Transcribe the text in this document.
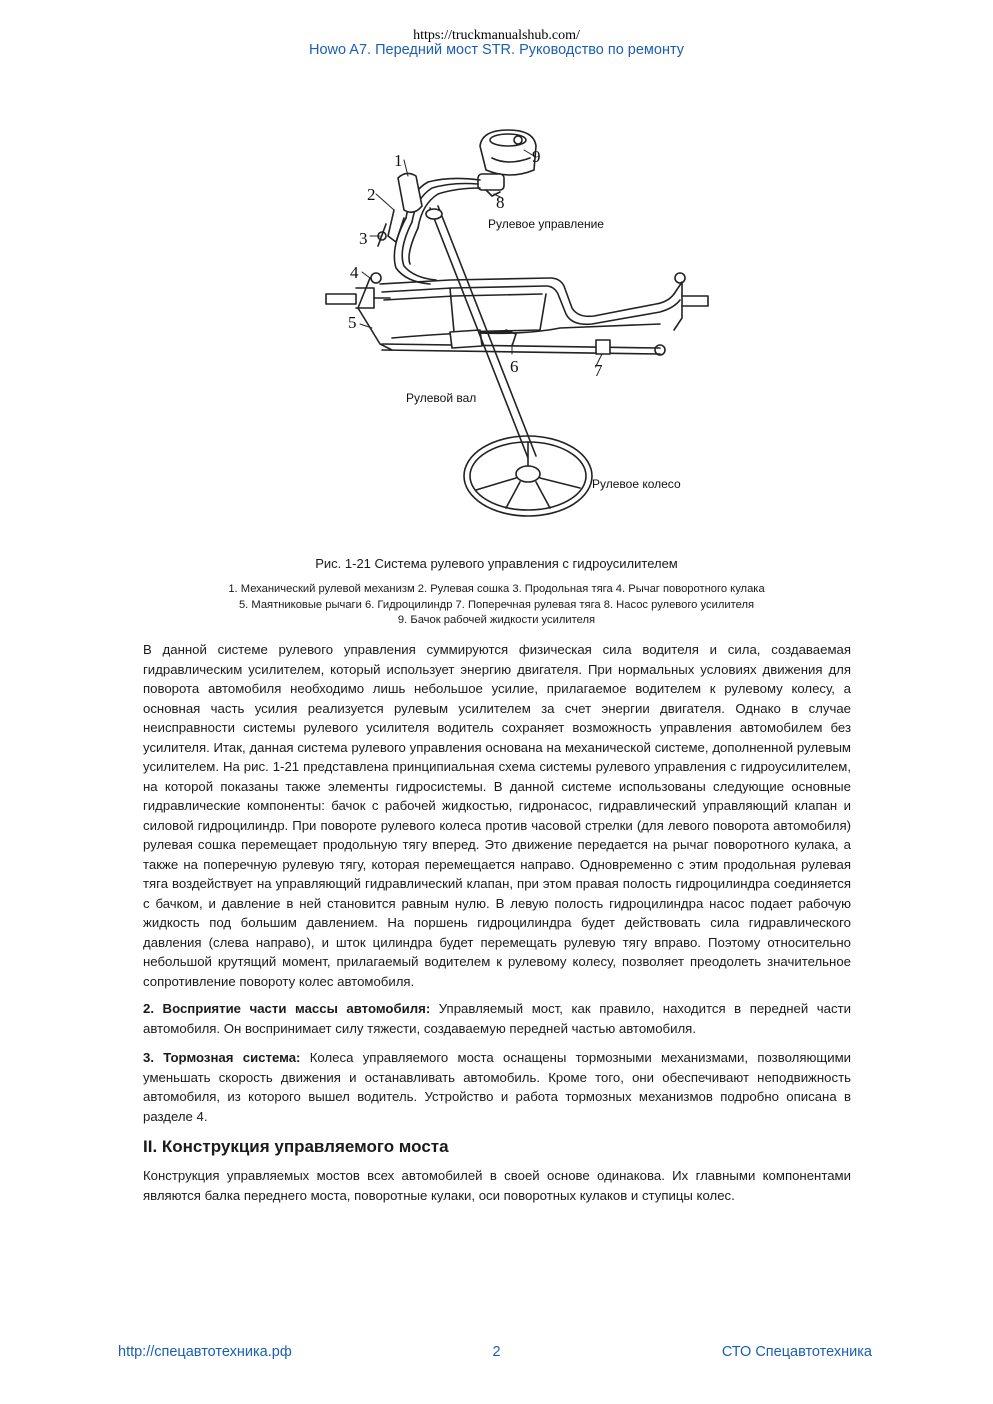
https://truckmanualshub.com/
Howo A7. Передний мост STR. Руководство по ремонту
1
2
3
4
5
6	7
8
9
Рулевое управление
Рулевой вал
Рулевое колесо
Рис. 1-21 Система рулевого управления с гидроусилителем
1. Механический рулевой механизм 2. Рулевая сошка 3. Продольная тяга 4. Рычаг поворотного кулака
5. Маятниковые рычаги 6. Гидроцилиндр 7. Поперечная рулевая тяга 8. Насос рулевого усилителя
9. Бачок рабочей жидкости усилителя

В данной системе рулевого управления суммируются физическая сила водителя и сила, создаваемая гидравлическим усилителем, который использует энергию двигателя. При нормальных условиях движения для поворота автомобиля необходимо лишь небольшое усилие, прилагаемое водителем к рулевому колесу, а основная часть усилия реализуется рулевым усилителем за счет энергии двигателя. Однако в случае неисправности системы рулевого усилителя водитель сохраняет возможность управления автомобилем без усилителя. Итак, данная система рулевого управления основана на механической системе, дополненной рулевым усилителем. На рис. 1-21 представлена принципиальная схема системы рулевого управления с гидроусилителем, на которой показаны также элементы гидросистемы. В данной системе использованы следующие основные гидравлические компоненты: бачок с рабочей жидкостью, гидронасос, гидравлический управляющий клапан и силовой гидроцилиндр. При повороте рулевого колеса против часовой стрелки (для левого поворота автомобиля) рулевая сошка перемещает продольную тягу вперед. Это движение передается на рычаг поворотного кулака, а также на поперечную рулевую тягу, которая перемещается направо. Одновременно с этим продольная рулевая тяга воздействует на управляющий гидравлический клапан, при этом правая полость гидроцилиндра соединяется с бачком, и давление в ней становится равным нулю. В левую полость гидроцилиндра насос подает рабочую жидкость под большим давлением. На поршень гидроцилиндра будет действовать сила гидравлического давления (слева направо), и шток цилиндра будет перемещать рулевую тягу вправо. Поэтому относительно небольшой крутящий момент, прилагаемый водителем к рулевому колесу, позволяет преодолеть значительное сопротивление повороту колес автомобиля.

2. Восприятие части массы автомобиля: Управляемый мост, как правило, находится в передней части автомобиля. Он воспринимает силу тяжести, создаваемую передней частью автомобиля.

3. Тормозная система: Колеса управляемого моста оснащены тормозными механизмами, позволяющими уменьшать скорость движения и останавливать автомобиль. Кроме того, они обеспечивают неподвижность автомобиля, из которого вышел водитель. Устройство и работа тормозных механизмов подробно описана в разделе 4.

II. Конструкция управляемого моста

Конструкция управляемых мостов всех автомобилей в своей основе одинакова. Их главными компонентами являются балка переднего моста, поворотные кулаки, оси поворотных кулаков и ступицы колес.

http://спецавтотехника.рф	2	СТО Спецавтотехника
